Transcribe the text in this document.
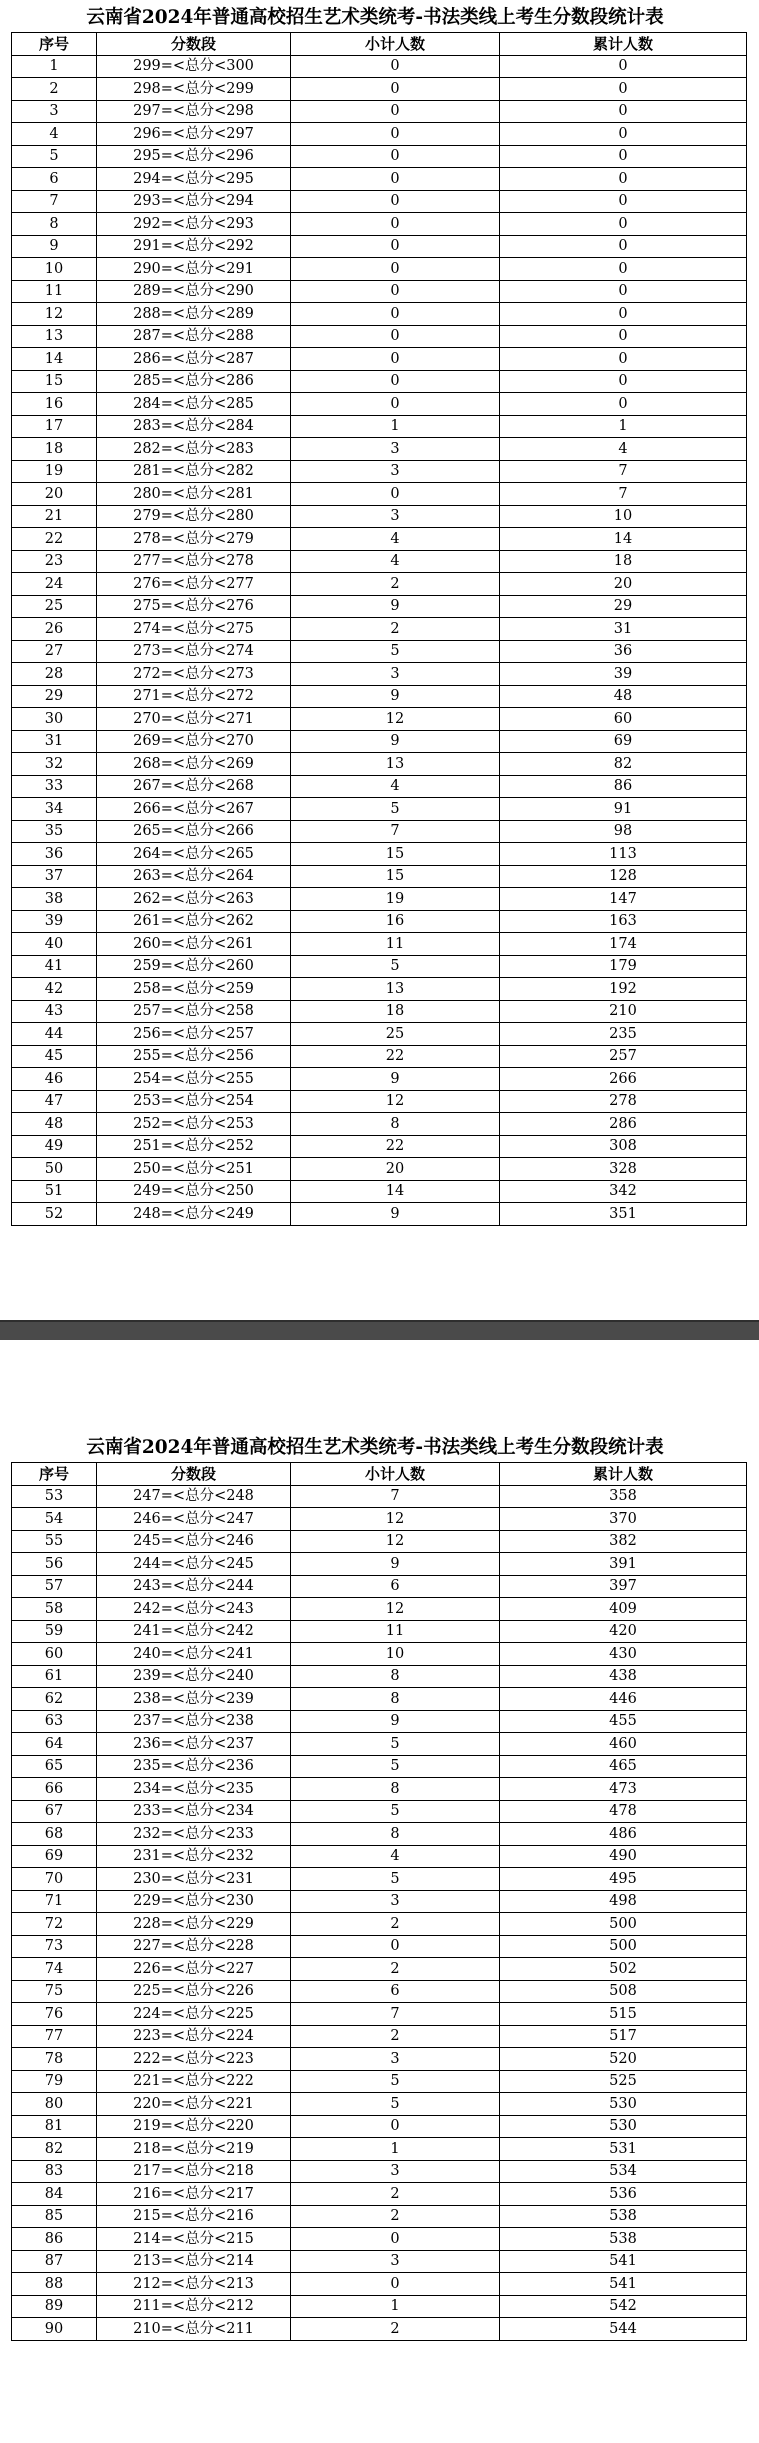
云南省2024年普通高校招生艺术类统考-书法类线上考生分数段统计表
序号	分数段	小计人数	累计人数
1	299=<总分<300	0	0
2	298=<总分<299	0	0
3	297=<总分<298	0	0
4	296=<总分<297	0	0
5	295=<总分<296	0	0
6	294=<总分<295	0	0
7	293=<总分<294	0	0
8	292=<总分<293	0	0
9	291=<总分<292	0	0
10	290=<总分<291	0	0
11	289=<总分<290	0	0
12	288=<总分<289	0	0
13	287=<总分<288	0	0
14	286=<总分<287	0	0
15	285=<总分<286	0	0
16	284=<总分<285	0	0
17	283=<总分<284	1	1
18	282=<总分<283	3	4
19	281=<总分<282	3	7
20	280=<总分<281	0	7
21	279=<总分<280	3	10
22	278=<总分<279	4	14
23	277=<总分<278	4	18
24	276=<总分<277	2	20
25	275=<总分<276	9	29
26	274=<总分<275	2	31
27	273=<总分<274	5	36
28	272=<总分<273	3	39
29	271=<总分<272	9	48
30	270=<总分<271	12	60
31	269=<总分<270	9	69
32	268=<总分<269	13	82
33	267=<总分<268	4	86
34	266=<总分<267	5	91
35	265=<总分<266	7	98
36	264=<总分<265	15	113
37	263=<总分<264	15	128
38	262=<总分<263	19	147
39	261=<总分<262	16	163
40	260=<总分<261	11	174
41	259=<总分<260	5	179
42	258=<总分<259	13	192
43	257=<总分<258	18	210
44	256=<总分<257	25	235
45	255=<总分<256	22	257
46	254=<总分<255	9	266
47	253=<总分<254	12	278
48	252=<总分<253	8	286
49	251=<总分<252	22	308
50	250=<总分<251	20	328
51	249=<总分<250	14	342
52	248=<总分<249	9	351
云南省2024年普通高校招生艺术类统考-书法类线上考生分数段统计表
序号	分数段	小计人数	累计人数
53	247=<总分<248	7	358
54	246=<总分<247	12	370
55	245=<总分<246	12	382
56	244=<总分<245	9	391
57	243=<总分<244	6	397
58	242=<总分<243	12	409
59	241=<总分<242	11	420
60	240=<总分<241	10	430
61	239=<总分<240	8	438
62	238=<总分<239	8	446
63	237=<总分<238	9	455
64	236=<总分<237	5	460
65	235=<总分<236	5	465
66	234=<总分<235	8	473
67	233=<总分<234	5	478
68	232=<总分<233	8	486
69	231=<总分<232	4	490
70	230=<总分<231	5	495
71	229=<总分<230	3	498
72	228=<总分<229	2	500
73	227=<总分<228	0	500
74	226=<总分<227	2	502
75	225=<总分<226	6	508
76	224=<总分<225	7	515
77	223=<总分<224	2	517
78	222=<总分<223	3	520
79	221=<总分<222	5	525
80	220=<总分<221	5	530
81	219=<总分<220	0	530
82	218=<总分<219	1	531
83	217=<总分<218	3	534
84	216=<总分<217	2	536
85	215=<总分<216	2	538
86	214=<总分<215	0	538
87	213=<总分<214	3	541
88	212=<总分<213	0	541
89	211=<总分<212	1	542
90	210=<总分<211	2	544
